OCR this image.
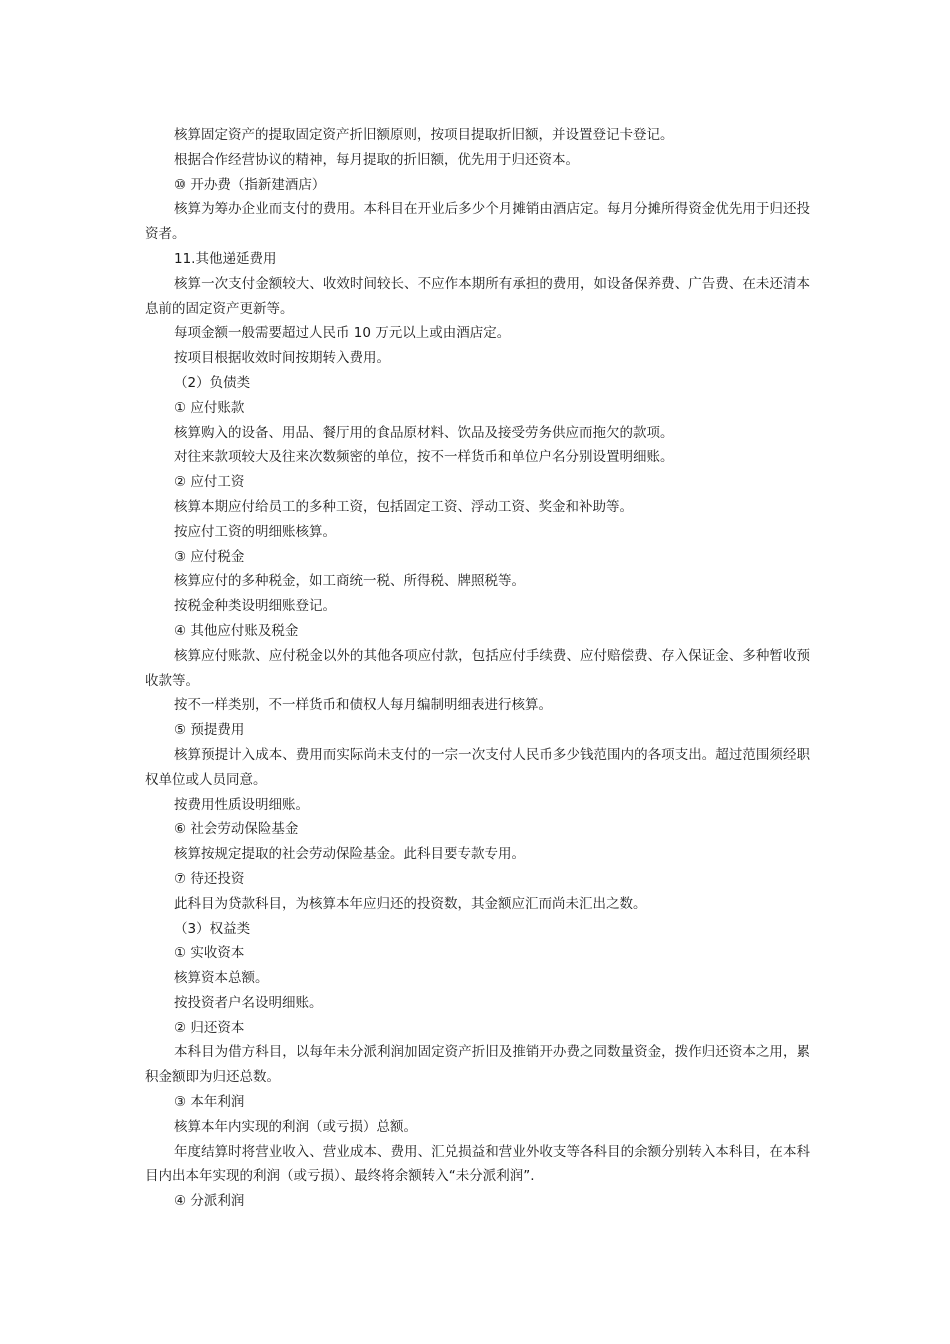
核算固定资产的提取固定资产折旧额原则，按项目提取折旧额，并设置登记卡登记。

根据合作经营协议的精神，每月提取的折旧额，优先用于归还资本。

⑩ 开办费（指新建酒店）

核算为筹办企业而支付的费用。本科目在开业后多少个月摊销由酒店定。每月分摊所得资金优先用于归还投资者。

11.其他递延费用

核算一次支付金额较大、收效时间较长、不应作本期所有承担的费用，如设备保养费、广告费、在未还清本息前的固定资产更新等。

每项金额一般需要超过人民币 10 万元以上或由酒店定。

按项目根据收效时间按期转入费用。

（2）负债类

① 应付账款

核算购入的设备、用品、餐厅用的食品原材料、饮品及接受劳务供应而拖欠的款项。

对往来款项较大及往来次数频密的单位，按不一样货币和单位户名分别设置明细账。

② 应付工资

核算本期应付给员工的多种工资，包括固定工资、浮动工资、奖金和补助等。

按应付工资的明细账核算。

③ 应付税金

核算应付的多种税金，如工商统一税、所得税、牌照税等。

按税金种类设明细账登记。

④ 其他应付账及税金

核算应付账款、应付税金以外的其他各项应付款，包括应付手续费、应付赔偿费、存入保证金、多种暂收预收款等。

按不一样类别，不一样货币和债权人每月编制明细表进行核算。

⑤ 预提费用

核算预提计入成本、费用而实际尚未支付的一宗一次支付人民币多少钱范围内的各项支出。超过范围须经职权单位或人员同意。

按费用性质设明细账。

⑥ 社会劳动保险基金

核算按规定提取的社会劳动保险基金。此科目要专款专用。

⑦ 待还投资

此科目为贷款科目，为核算本年应归还的投资数，其金额应汇而尚未汇出之数。

（3）权益类

① 实收资本

核算资本总额。

按投资者户名设明细账。

② 归还资本

本科目为借方科目，以每年未分派利润加固定资产折旧及推销开办费之同数量资金，拨作归还资本之用，累积金额即为归还总数。

③ 本年利润

核算本年内实现的利润（或亏损）总额。

年度结算时将营业收入、营业成本、费用、汇兑损益和营业外收支等各科目的余额分别转入本科目，在本科目内出本年实现的利润（或亏损）、最终将余额转入“未分派利润”.

④ 分派利润
